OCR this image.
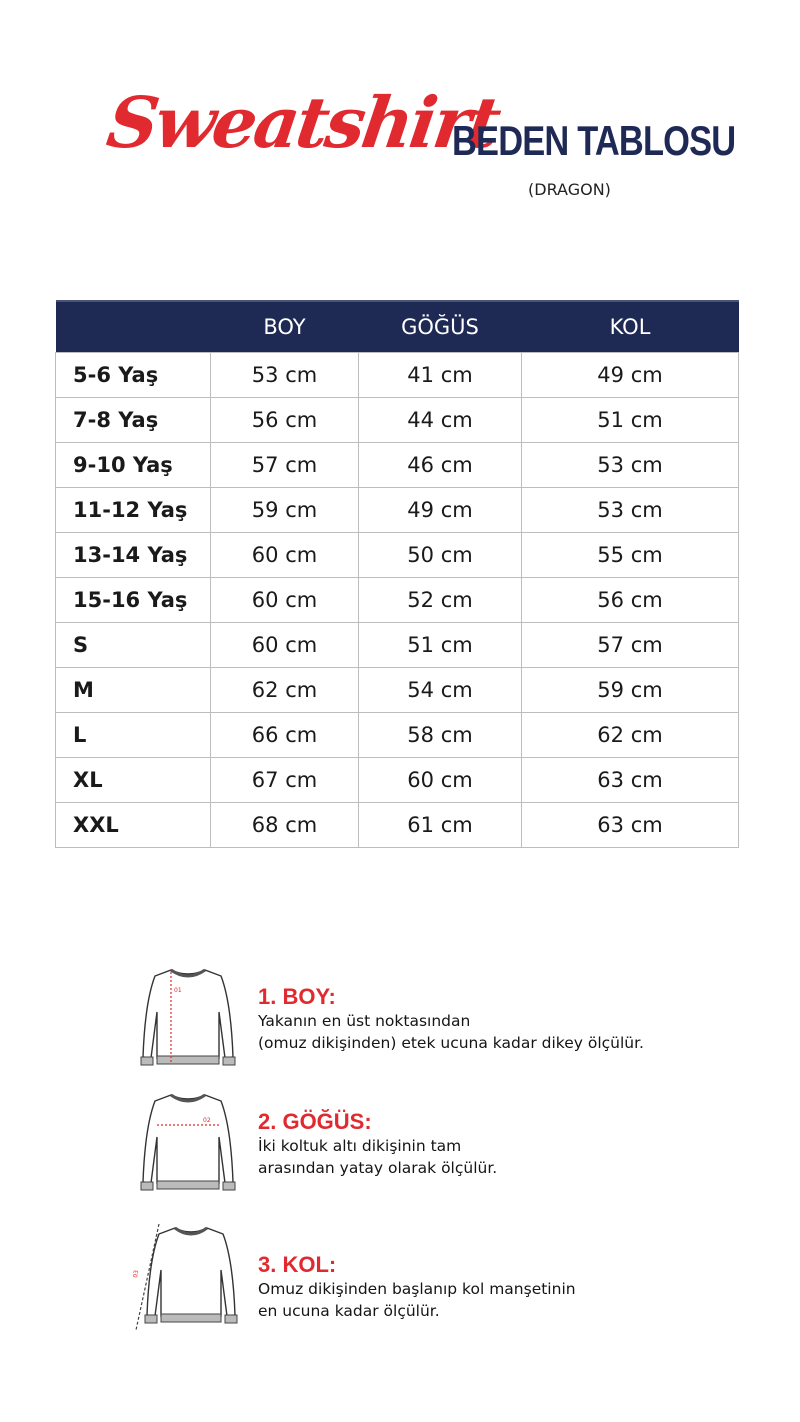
Sweatshirt
BEDEN TABLOSU
(DRAGON)
	BOY	GÖĞÜS	KOL
5-6 Yaş	53 cm	41 cm	49 cm
7-8 Yaş	56 cm	44 cm	51 cm
9-10 Yaş	57 cm	46 cm	53 cm
11-12 Yaş	59 cm	49 cm	53 cm
13-14 Yaş	60 cm	50 cm	55 cm
15-16 Yaş	60 cm	52 cm	56 cm
S	60 cm	51 cm	57 cm
M	62 cm	54 cm	59 cm
L	66 cm	58 cm	62 cm
XL	67 cm	60 cm	63 cm
XXL	68 cm	61 cm	63 cm
01	1. BOY:
Yakanın en üst noktasından
(omuz dikişinden) etek ucuna kadar dikey ölçülür.
02 2. GÖĞÜS:
İki koltuk altı dikişinin tam
arasından yatay olarak ölçülür.
03	3. KOL:
Omuz dikişinden başlanıp kol manşetinin
en ucuna kadar ölçülür.
